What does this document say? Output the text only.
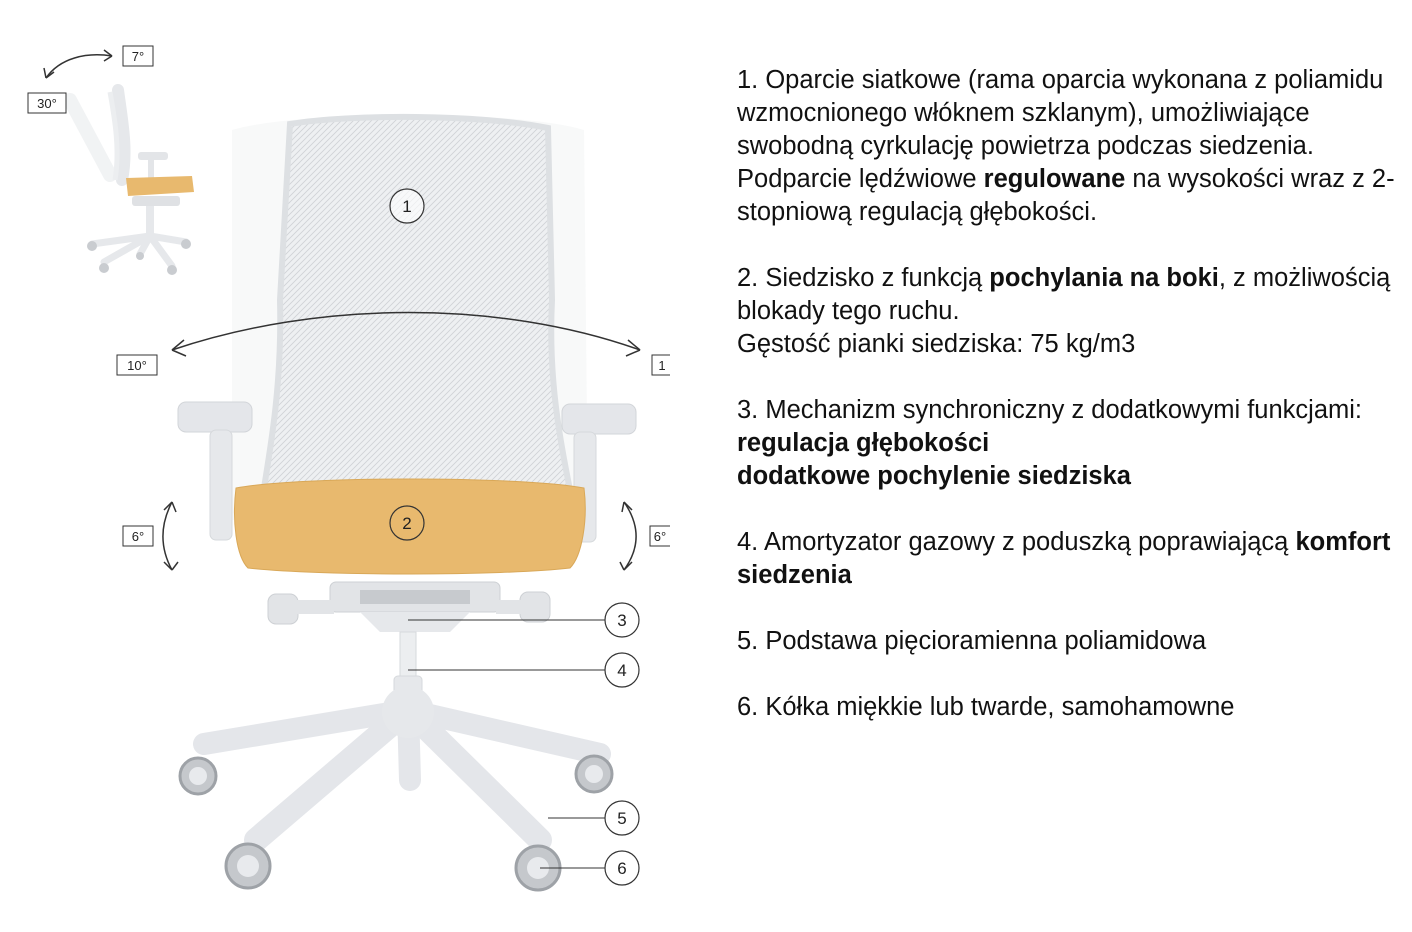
7°
30°
10°	1
6°	6°
1
2
3
4
5
6

1. Oparcie siatkowe (rama oparcia wykonana z poliamidu wzmocnionego włóknem szklanym), umożliwiające swobodną cyrkulację powietrza podczas siedzenia.

Podparcie lędźwiowe regulowane na wysokości wraz z 2-stopniową regulacją głębokości.

2. Siedzisko z funkcją pochylania na boki, z możliwością blokady tego ruchu.

Gęstość pianki siedziska: 75 kg/m3

3. Mechanizm synchroniczny z dodatkowymi funkcjami:

regulacja głębokości

dodatkowe pochylenie siedziska

4. Amortyzator gazowy z poduszką poprawiającą komfort siedzenia

5. Podstawa pięcioramienna poliamidowa

6. Kółka miękkie lub twarde, samohamowne
